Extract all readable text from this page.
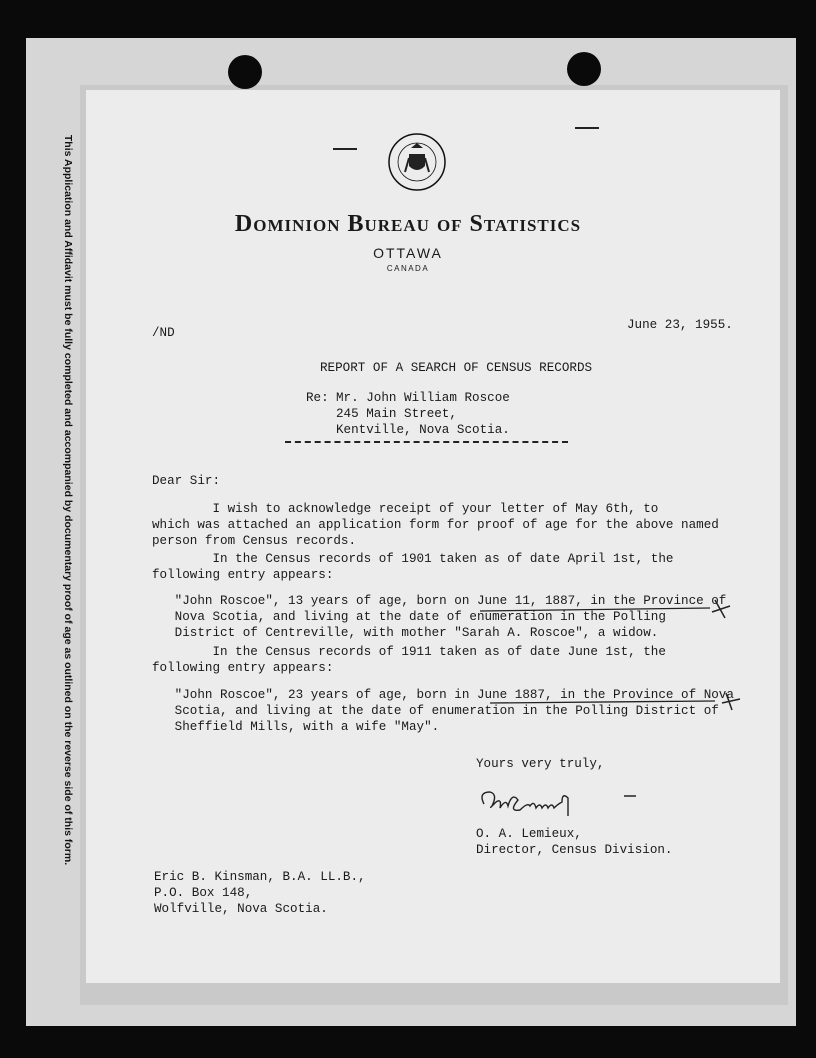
This Application and Affidavit must be fully completed and accompanied by documentary proof of age as outlined on the reverse side of this form.	Dominion Bureau of Statistics
OTTAWA
CANADA
/ND
June 23, 1955.
REPORT OF A SEARCH OF CENSUS RECORDS
Re: Mr. John William Roscoe
245 Main Street,
Kentville, Nova Scotia.
Dear Sir:
I wish to acknowledge receipt of your letter of May 6th, to
which was attached an application form for proof of age for the above named
person from Census records.
In the Census records of 1901 taken as of date April 1st, the
following entry appears:
"John Roscoe", 13 years of age, born on June 11, 1887, in the Province of
Nova Scotia, and living at the date of enumeration in the Polling
District of Centreville, with mother "Sarah A. Roscoe", a widow.
In the Census records of 1911 taken as of date June 1st, the
following entry appears:
"John Roscoe", 23 years of age, born in June 1887, in the Province of Nova
Scotia, and living at the date of enumeration in the Polling District of
Sheffield Mills, with a wife "May".
Yours very truly,
O. A. Lemieux,
Director, Census Division.
Eric B. Kinsman, B.A. LL.B.,
P.O. Box 148,
Wolfville, Nova Scotia.
